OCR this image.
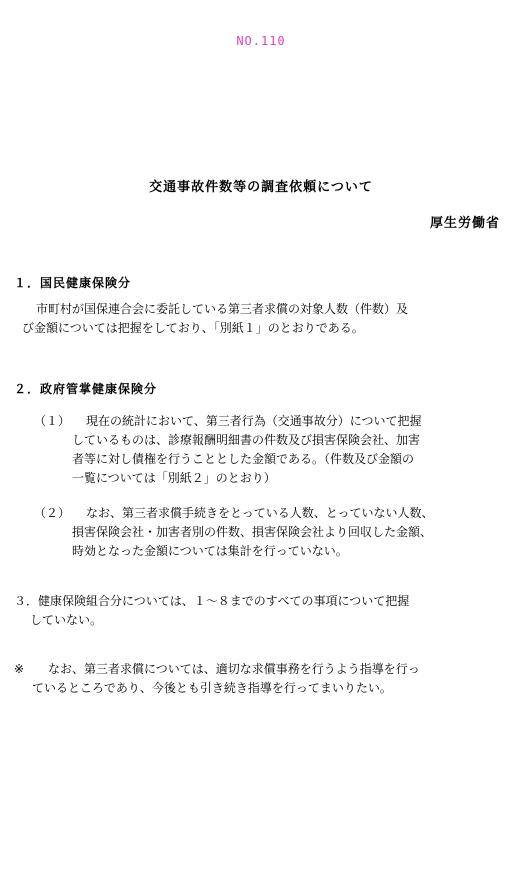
NO.110
交通事故件数等の調査依頼について
厚生労働省
１．国民健康保険分
市町村が国保連合会に委託している第三者求償の対象人数（件数）及
び金額については把握をしており、「別紙１」のとおりである。
２．政府管掌健康保険分
（１）	現在の統計において、第三者行為（交通事故分）について把握
しているものは、診療報酬明細書の件数及び損害保険会社、加害
者等に対し債権を行うこととした金額である。（件数及び金額の
一覧については「別紙２」のとおり）
（２）	なお、第三者求償手続きをとっている人数、とっていない人数、
損害保険会社・加害者別の件数、損害保険会社より回収した金額、
時効となった金額については集計を行っていない。
３．健康保険組合分については、１～８までのすべての事項について把握
していない。
※	なお、第三者求償については、適切な求償事務を行うよう指導を行っ
ているところであり、今後とも引き続き指導を行ってまいりたい。
